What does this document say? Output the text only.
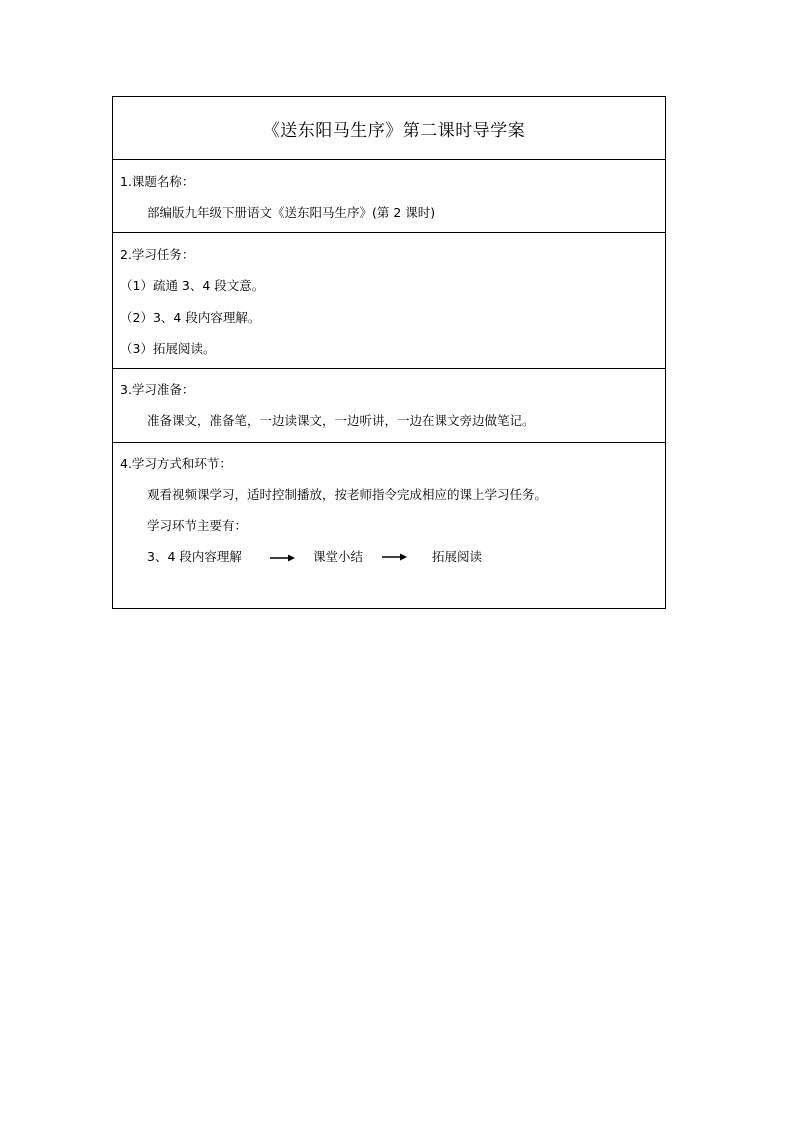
《送东阳马生序》第二课时导学案
1.课题名称：
部编版九年级下册语文《送东阳马生序》(第 2 课时)
2.学习任务：
（1）疏通 3、4 段文意。
（2）3、4 段内容理解。
（3）拓展阅读。
3.学习准备：
准备课文，准备笔，一边读课文，一边听讲，一边在课文旁边做笔记。
4.学习方式和环节：
观看视频课学习，适时控制播放，按老师指令完成相应的课上学习任务。
学习环节主要有：
3、4 段内容理解	课堂小结	拓展阅读
